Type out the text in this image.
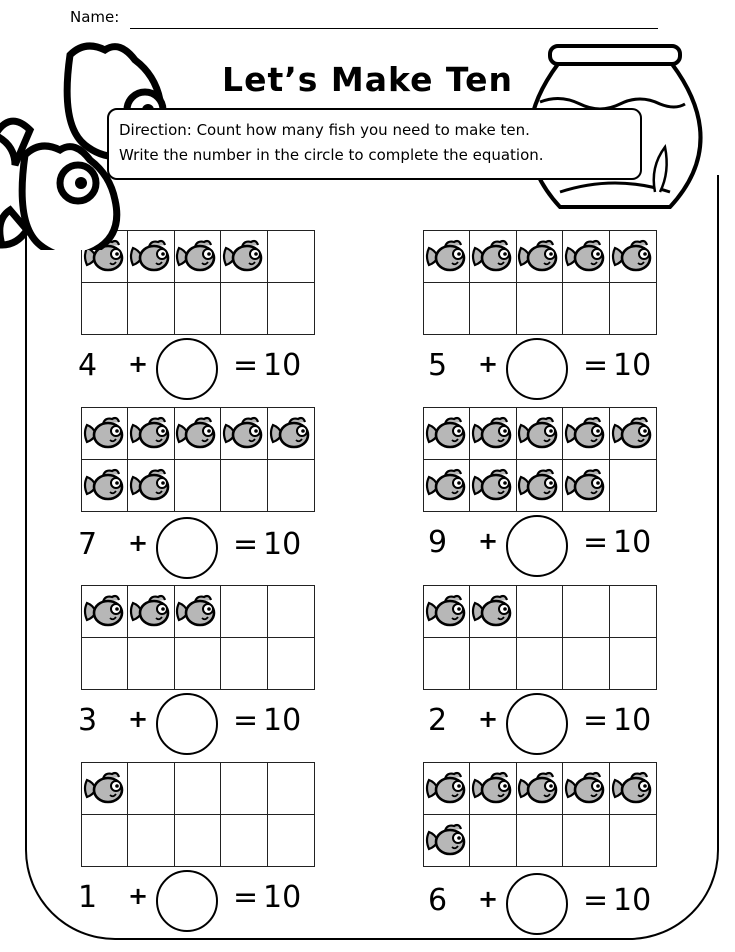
Name:
Let’s Make Ten
Direction: Count how many fish you need to make ten.
Write the number in the circle to complete the equation.
4 +	= 10	5 +	= 10
7 +	= 10	9 +	= 10
3 +	= 10	2 +	= 10
1 +	= 10	6 +	= 10
